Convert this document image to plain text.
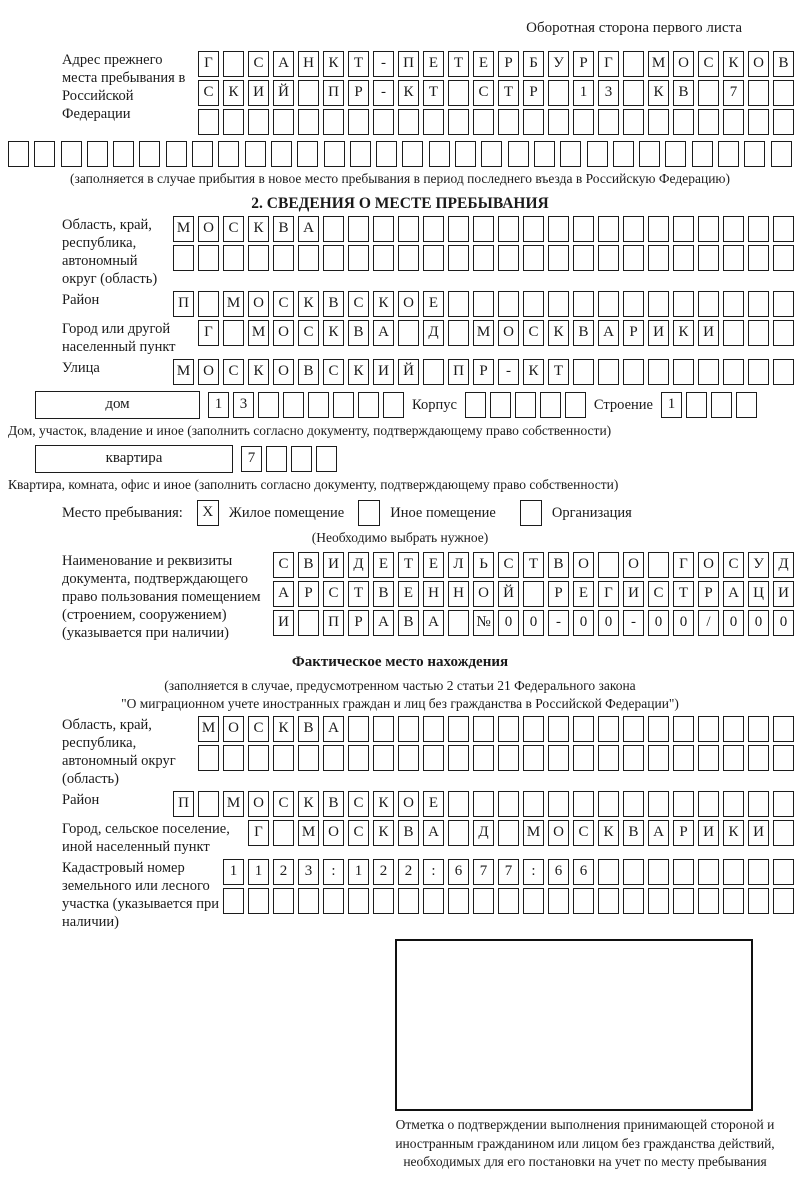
Оборотная сторона первого листа
Адрес прежнего места пребывания в Российской Федерации
Г	С А Н К	Т	-	П Е	Т	Е	Р	Б	У	Р	Г	М О С К О В
С К И Й	П	Р	-	К	Т	С	Т	Р	1	3	К В	7
(заполняется в случае прибытия в новое место пребывания в период последнего въезда в Российскую Федерацию)
2. СВЕДЕНИЯ О МЕСТЕ ПРЕБЫВАНИЯ
Область, край, республика, автономный округ (область)
М О С К В А
Район	П	М О С К В С К О Е
Город или другой населенный пункт
Г	М О С К В А	Д	М О С К В А	Р	И К И
Улица	М О С К О В С К И Й	П	Р	-	К	Т
дом	1	3	Корпус	Строение 1
Дом, участок, владение и иное (заполнить согласно документу, подтверждающему право собственности)
квартира	7
Квартира, комната, офис и иное (заполнить согласно документу, подтверждающему право собственности)
Место пребывания:	X	Жилое помещение	Иное помещение	Организация
(Необходимо выбрать нужное)
Наименование и реквизиты документа, подтверждающего право пользования помещением (строением, сооружением) (указывается при наличии)
С В И Д	Е	Т	Е	Л	Ь	С	Т	В О	О	Г	О С У Д
А	Р	С	Т	В	Е	Н Н О Й	Р	Е	Г	И С	Т	Р	А Ц И
И	П	Р	А В А	№ 0	0	-	0	0	-	0	0	/	0	0	0
Фактическое место нахождения
(заполняется в случае, предусмотренном частью 2 статьи 21 Федерального закона
"О миграционном учете иностранных граждан и лиц без гражданства в Российской Федерации")
Область, край, республика, автономный округ (область)
М О С К В А
Район	П	М О С К В С К О Е
Город, сельское поселение, иной населенный пункт
Г	М О С К В А	Д	М О С К В А	Р	И К И
Кадастровый номер земельного или лесного участка (указывается при наличии)
1	1	2	3	:	1	2	2	:	6	7	7	:	6	6
Отметка о подтверждении выполнения принимающей стороной и иностранным гражданином или лицом без гражданства действий, необходимых для его постановки на учет по месту пребывания
